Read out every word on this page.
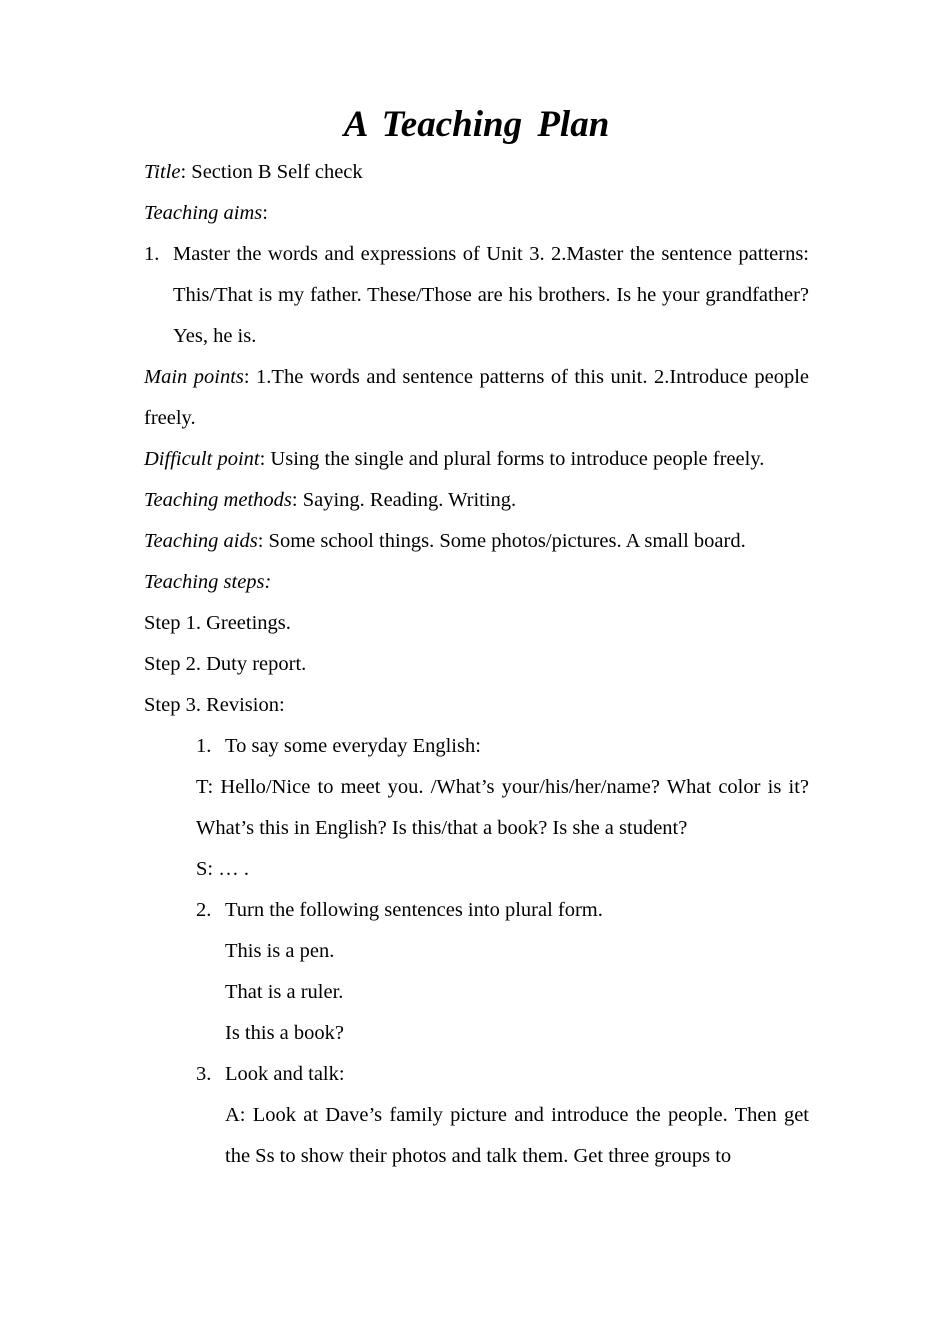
A Teaching Plan

Title: Section B Self check

Teaching aims:

1. Master the words and expressions of Unit 3. 2.Master the sentence patterns: This/That is my father. These/Those are his brothers. Is he your grandfather? Yes, he is.

Main points: 1.The words and sentence patterns of this unit. 2.Introduce people freely.

Difficult point: Using the single and plural forms to introduce people freely.

Teaching methods: Saying. Reading. Writing.

Teaching aids: Some school things. Some photos/pictures. A small board.

Teaching steps:

Step 1. Greetings.

Step 2. Duty report.

Step 3. Revision:

1. To say some everyday English:

T: Hello/Nice to meet you. /What’s your/his/her/name? What color is it? What’s this in English? Is this/that a book? Is she a student?

S: … .

2. Turn the following sentences into plural form.

This is a pen.

That is a ruler.

Is this a book?

3. Look and talk:

A: Look at Dave’s family picture and introduce the people. Then get the Ss to show their photos and talk them. Get three groups to
